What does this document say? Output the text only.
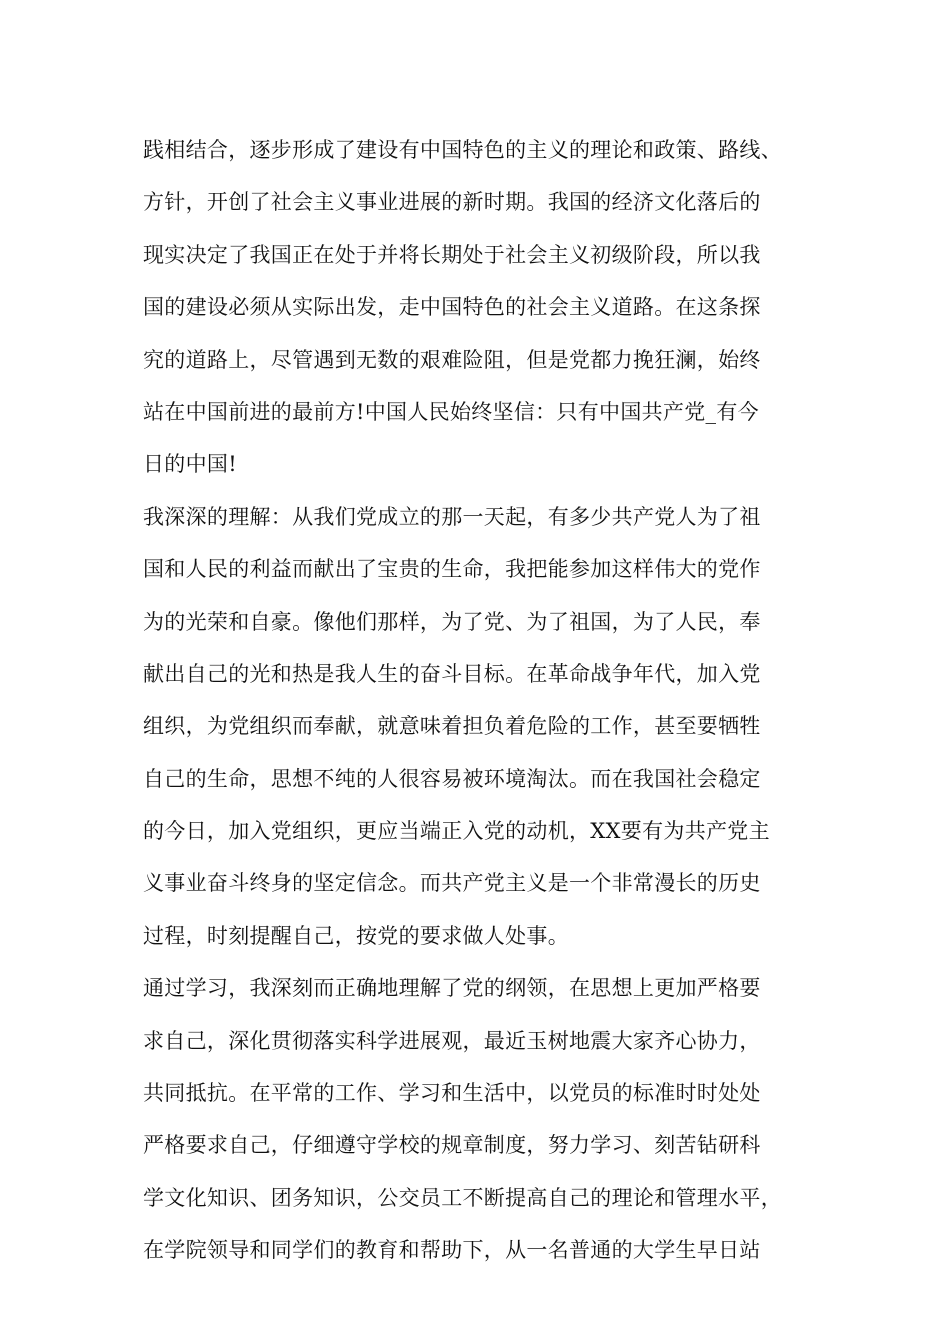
践相结合，逐步形成了建设有中国特色的主义的理论和政策、路线、
方针，开创了社会主义事业进展的新时期。我国的经济文化落后的
现实决定了我国正在处于并将长期处于社会主义初级阶段，所以我
国的建设必须从实际出发，走中国特色的社会主义道路。在这条探
究的道路上，尽管遇到无数的艰难险阻，但是党都力挽狂澜，始终
站在中国前进的最前方!中国人民始终坚信：只有中国共产党_有今
日的中国!
我深深的理解：从我们党成立的那一天起，有多少共产党人为了祖
国和人民的利益而献出了宝贵的生命，我把能参加这样伟大的党作
为的光荣和自豪。像他们那样，为了党、为了祖国，为了人民，奉
献出自己的光和热是我人生的奋斗目标。在革命战争年代，加入党
组织，为党组织而奉献，就意味着担负着危险的工作，甚至要牺牲
自己的生命，思想不纯的人很容易被环境淘汰。而在我国社会稳定
的今日，加入党组织，更应当端正入党的动机，XX要有为共产党主
义事业奋斗终身的坚定信念。而共产党主义是一个非常漫长的历史
过程，时刻提醒自己，按党的要求做人处事。
通过学习，我深刻而正确地理解了党的纲领，在思想上更加严格要
求自己，深化贯彻落实科学进展观，最近玉树地震大家齐心协力，
共同抵抗。在平常的工作、学习和生活中，以党员的标准时时处处
严格要求自己，仔细遵守学校的规章制度，努力学习、刻苦钻研科
学文化知识、团务知识，公交员工不断提高自己的理论和管理水平，
在学院领导和同学们的教育和帮助下，从一名普通的大学生早日站
